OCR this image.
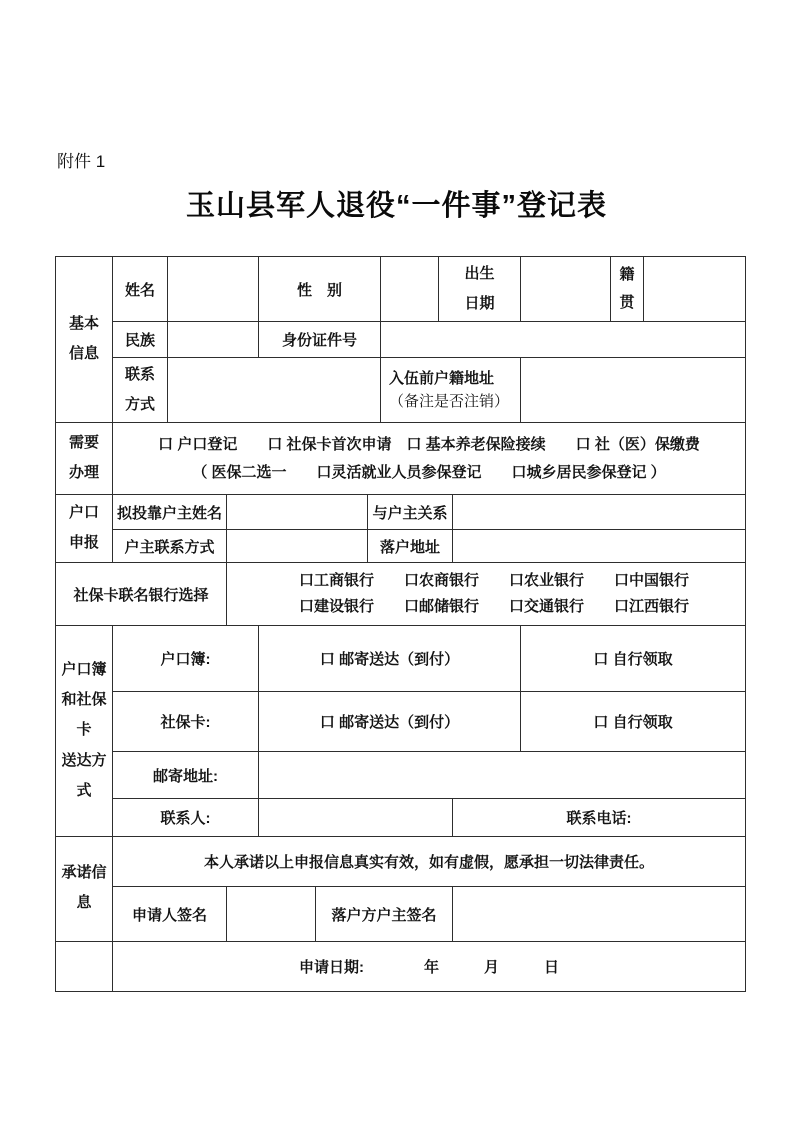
附件 1
玉山县军人退役“一件事”登记表
基本信息	姓名			性　别				出生日期			籍贯	
	民族			身份证件号								
	联系方式						入伍前户籍地址
（备注是否注销）					

需要办理	口 户口登记　　口 社保卡首次申请　口 基本养老保险接续　　口 社（医）保缴费
（ 医保二选一　　口灵活就业人员参保登记　　口城乡居民参保登记 ）											

户口申报	拟投靠户主姓名					与户主关系						
	户主联系方式					落户地址						
社保卡联名银行选择			口工商银行　　口农商银行　　口农业银行　　口中国银行
口建设银行　　口邮储银行　　口交通银行　　口江西银行									

户口簿和社保卡 送达方式	户口簿:			口 邮寄送达（到付）						口 自行领取		
	社保卡:			口 邮寄送达（到付）						口 自行领取		
	邮寄地址:											
	联系人:								联系电话:			
承诺信息	本人承诺以上申报信息真实有效，如有虚假，愿承担一切法律责任。											
	申请人签名				落户方户主签名							
	申请日期:　　　　年　　　月　　　日											
